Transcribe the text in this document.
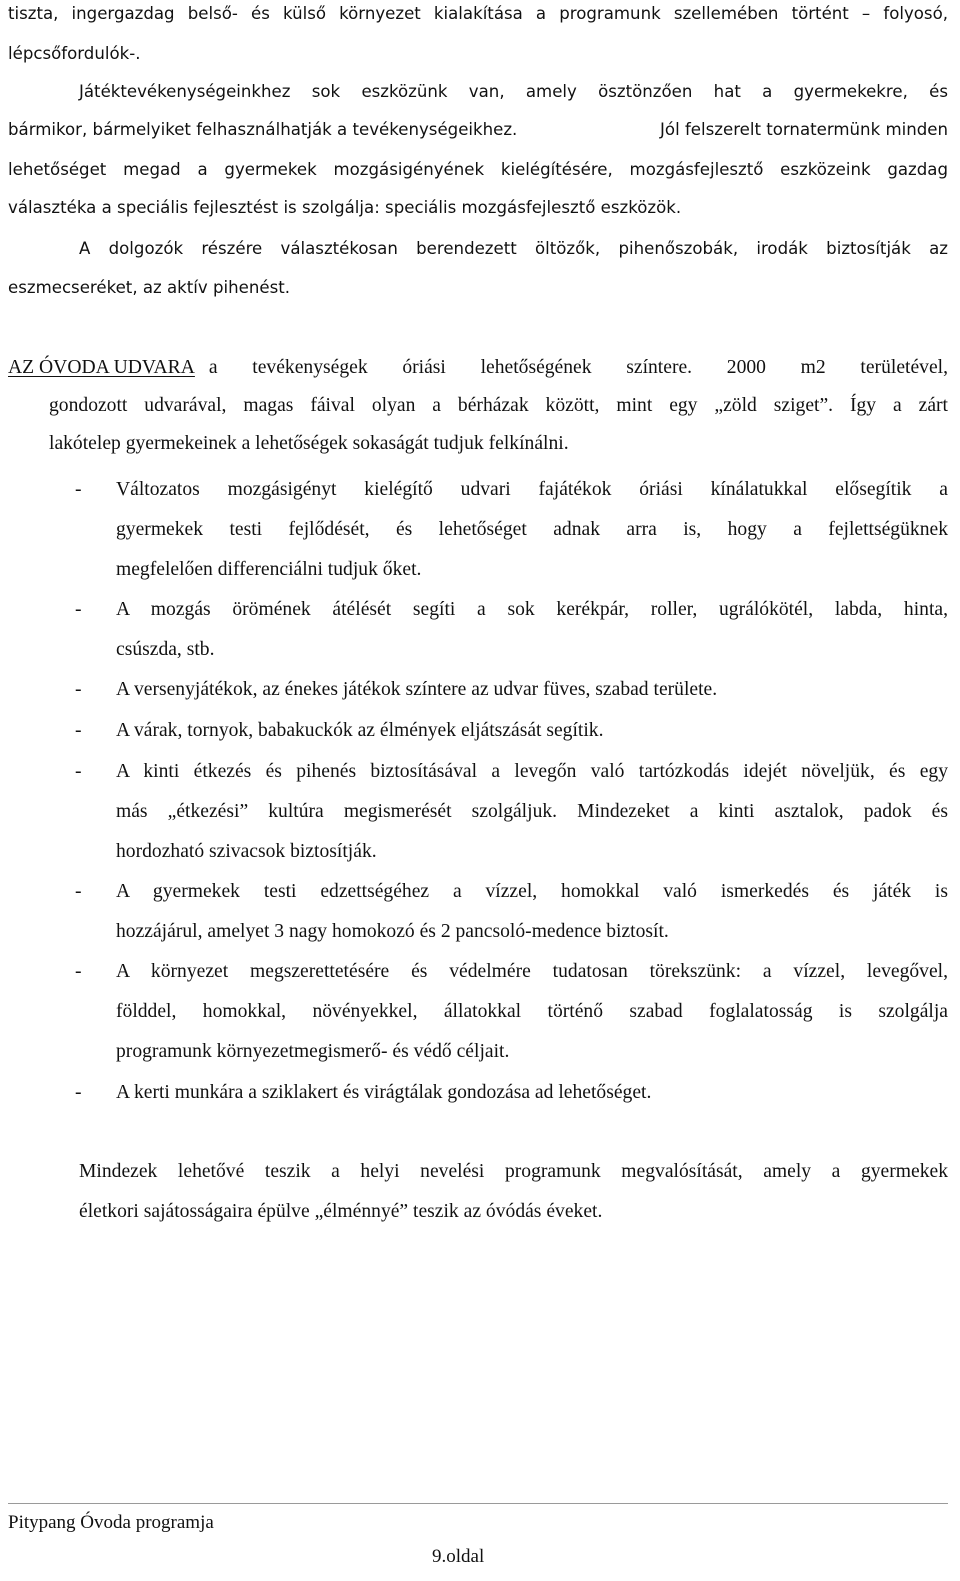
tiszta, ingergazdag belső- és külső környezet kialakítása a programunk szellemében történt – folyosó,
lépcsőfordulók-.
Játéktevékenységeinkhez sok eszközünk van, amely ösztönzően hat a gyermekekre, és
bármikor, bármelyiket felhasználhatják a tevékenységeikhez.	Jól felszerelt tornatermünk minden
lehetőséget megad a gyermekek mozgásigényének kielégítésére, mozgásfejlesztő eszközeink gazdag
választéka a speciális fejlesztést is szolgálja: speciális mozgásfejlesztő eszközök.
A dolgozók részére választékosan berendezett öltözők, pihenőszobák, irodák biztosítják az
eszmecseréket, az aktív pihenést.
AZ ÓVODA UDVARA a tevékenységek óriási lehetőségének színtere. 2000 m2 területével,
gondozott udvarával, magas fáival olyan a bérházak között, mint egy „zöld sziget”. Így a zárt
lakótelep gyermekeinek a lehetőségek sokaságát tudjuk felkínálni.
- Változatos mozgásigényt kielégítő udvari fajátékok óriási kínálatukkal elősegítik a
gyermekek testi fejlődését, és lehetőséget adnak arra is, hogy a fejlettségüknek
megfelelően differenciálni tudjuk őket.
- A mozgás örömének átélését segíti a sok kerékpár, roller, ugrálókötél, labda, hinta,
csúszda, stb.
- A versenyjátékok, az énekes játékok színtere az udvar füves, szabad területe.
- A várak, tornyok, babakuckók az élmények eljátszását segítik.
- A kinti étkezés és pihenés biztosításával a levegőn való tartózkodás idejét növeljük, és egy
más „étkezési” kultúra megismerését szolgáljuk. Mindezeket a kinti asztalok, padok és
hordozható szivacsok biztosítják.
- A gyermekek testi edzettségéhez a vízzel, homokkal való ismerkedés és játék is
hozzájárul, amelyet 3 nagy homokozó és 2 pancsoló-medence biztosít.
- A környezet megszerettetésére és védelmére tudatosan törekszünk: a vízzel, levegővel,
földdel, homokkal, növényekkel, állatokkal történő szabad foglalatosság is szolgálja
programunk környezetmegismerő- és védő céljait.
- A kerti munkára a sziklakert és virágtálak gondozása ad lehetőséget.
Mindezek lehetővé teszik a helyi nevelési programunk megvalósítását, amely a gyermekek
életkori sajátosságaira épülve „élménnyé” teszik az óvódás éveket.
Pitypang Óvoda programja
9.oldal
